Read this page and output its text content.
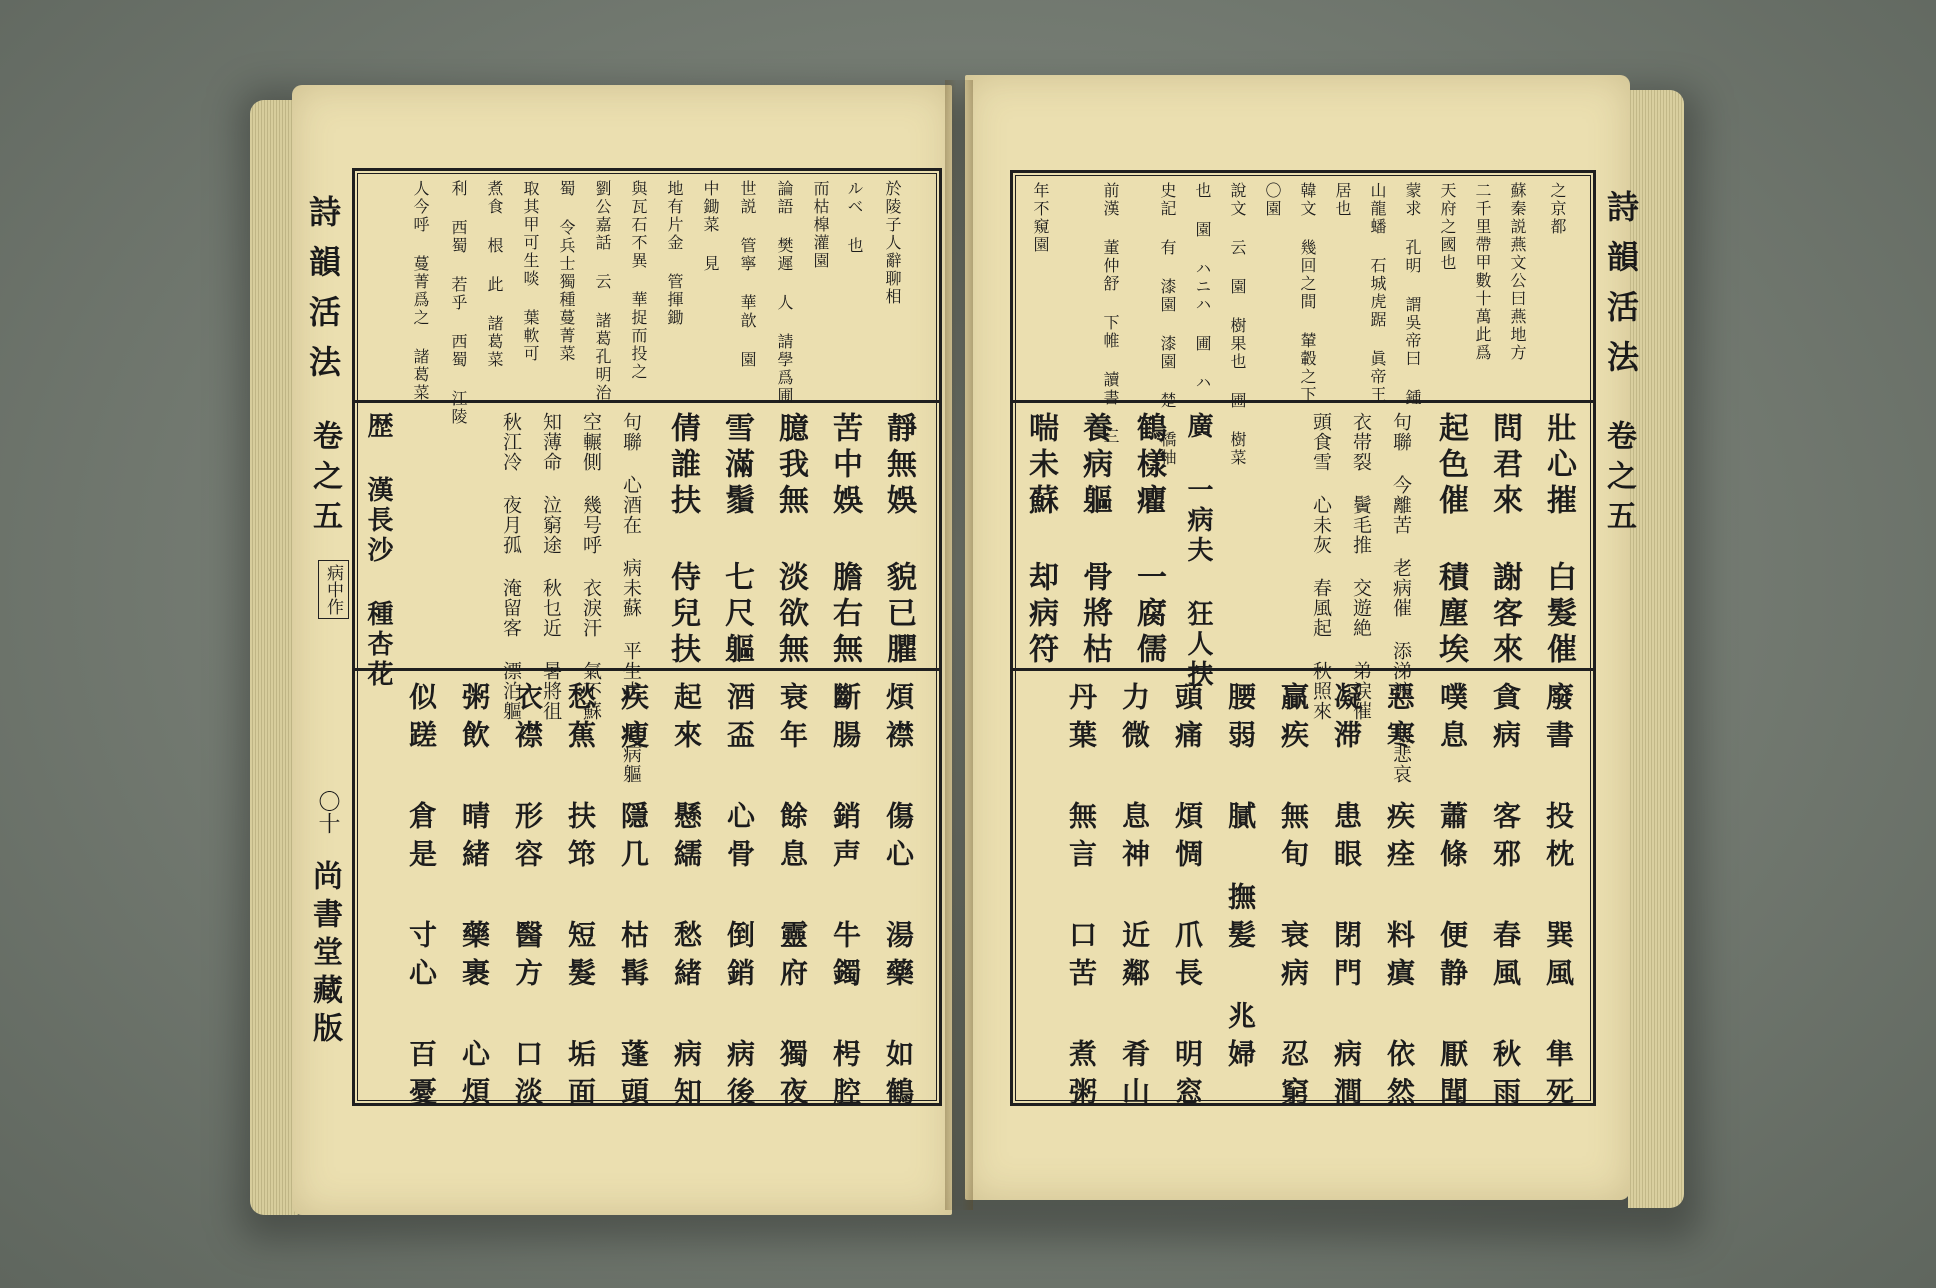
詩韻活法
卷之五
病中作
〇十
尚書堂藏版
於陵子人辭聊相
ルベ 也
而枯槹灌園
論語 樊遲 人 請學爲圃
世説 管寧 華歆 園
中鋤菜 見
地有片金 管揮鋤
與瓦石不異 華捉而投之
劉公嘉話 云 諸葛孔明治
蜀 令兵士獨種蔓菁菜
取其甲可生啖 葉軟可
煮食 根 此 諸葛菜
利 西蜀 若乎 西蜀 江陵
人今呼 蔓菁爲之 諸葛菜
靜無娛 貌已臞
苦中娛 膽右無
臆我無 淡欲無
雪滿鬚 七尺軀
倩誰扶 侍兒扶
句聯 心酒在 病未蘇 平生志 老病軀
空輾側 幾号呼 衣淚汗 氣不蘇
知薄命 泣窮途 秋乜近 暑將徂
秋江冷 夜月孤 淹留客 漂泊軀
歴 漢長沙 種杏花
煩襟 傷心 湯藥 如鶴
斷腸 銷声 牛鐲 枵腔
衰年 餘息 靈府 獨夜
酒盃 心骨 倒銷 病後
起來 懸繻 愁緒 病知
疾瘦 隱几 枯髯 蓬頭
愁蕉 扶筇 短髮 垢面
衣襟 形容 醫方 口淡
粥飲 晴緒 藥裹 心煩
似蹉 倉是 寸心 百憂
詩韻活法
卷之五
之京都
蘇秦説燕文公曰燕地方
二千里帶甲數十萬此爲
天府之國也
蒙求 孔明 謂吳帝曰 鍾
山龍蟠 石城虎踞 眞帝王
居也
韓文 幾回之間 輦轂之下
〇園
說文 云 園 樹果也 圃 樹菜
也 園 ハニハ 圃 ハ
史記 有 漆園 漆園 楚 橋柚
前漢 董仲舒 下帷 讀書 三
年不窺園
壯心摧 白髮催
問君來 謝客來
起色催 積塵埃
句聯 今離苦 老病催 添涕淚 助悲哀
衣帯裂 鬢毛推 交遊絶 弟涙催
頭食雪 心未灰 春風起 秋照來
廣 一病夫 狂人扶
鶴樣癯 一腐儒
養病軀 骨將枯
喘未蘇 却病符
廢書 投枕 巽風 隼死
貪病 客邪 春風 秋雨
噗息 蕭條 便静 厭聞
惡寒 疾痊 料瘨 依然
凝滞 患眼 閉門 病澗
贏疾 無旬 衰病 忍窮
腰弱 膩 撫髪 兆婦
頭痛 煩惆 爪長 明窓
力微 息神 近鄰 肴山
丹葉 無言 口苦 煮粥
